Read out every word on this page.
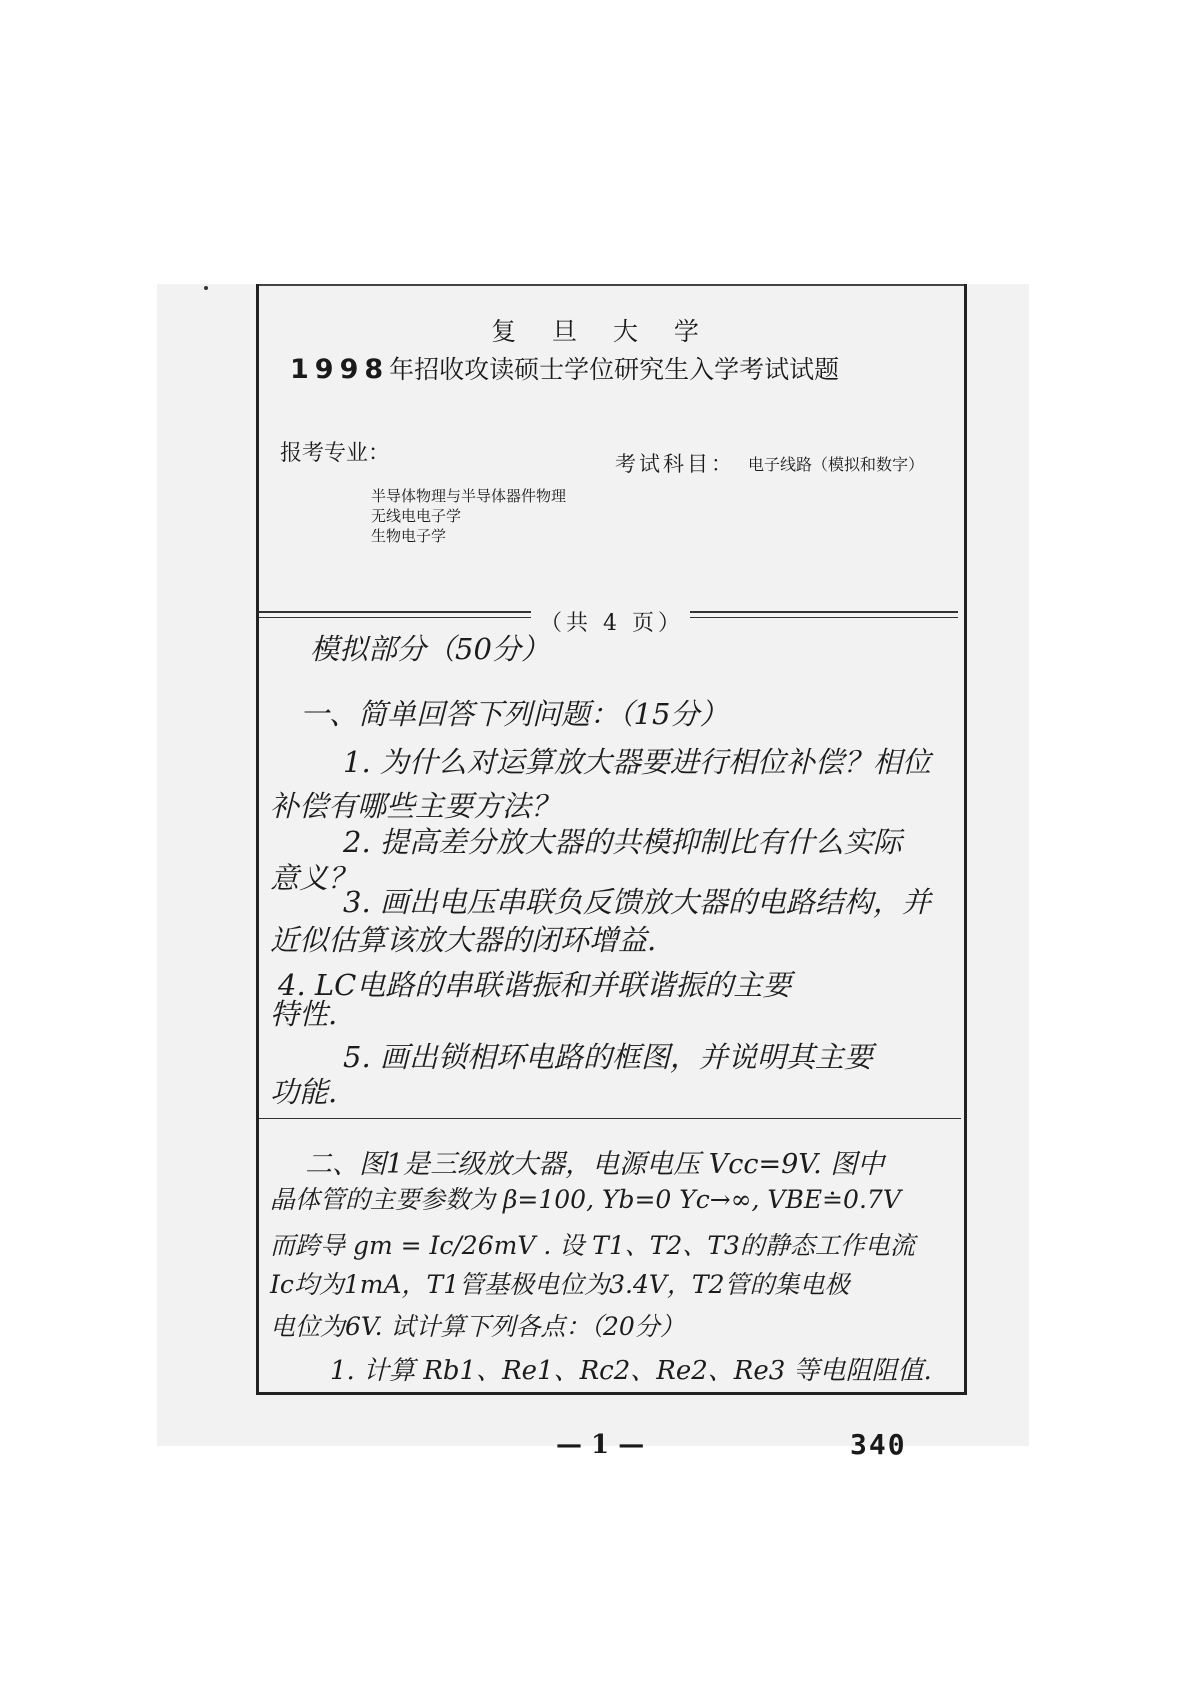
复 旦 大 学
1998年招收攻读硕士学位研究生入学考试试题
报考专业：	考试科目： 电子线路（模拟和数字）
半导体物理与半导体器件物理
无线电电子学
生物电子学
（共 4 页）
模拟部分（50分）
一、简单回答下列问题：（15分）
1. 为什么对运算放大器要进行相位补偿？相位
补偿有哪些主要方法？
2. 提高差分放大器的共模抑制比有什么实际
意义？
3. 画出电压串联负反馈放大器的电路结构，并
近似估算该放大器的闭环增益.
4. LC电路的串联谐振和并联谐振的主要
特性.
5. 画出锁相环电路的框图，并说明其主要
功能.
二、图1是三级放大器，电源电压 Vcc=9V. 图中
晶体管的主要参数为 β=100, Yb=0 Yc→∞, VBE≐0.7V
而跨导 gm = Ic/26mV . 设 T1、T2、T3的静态工作电流
Ic均为1mA，T1管基极电位为3.4V，T2管的集电极
电位为6V. 试计算下列各点：（20分）
1. 计算 Rb1、Re1、Rc2、Re2、Re3 等电阻阻值.
— 1 —	340
